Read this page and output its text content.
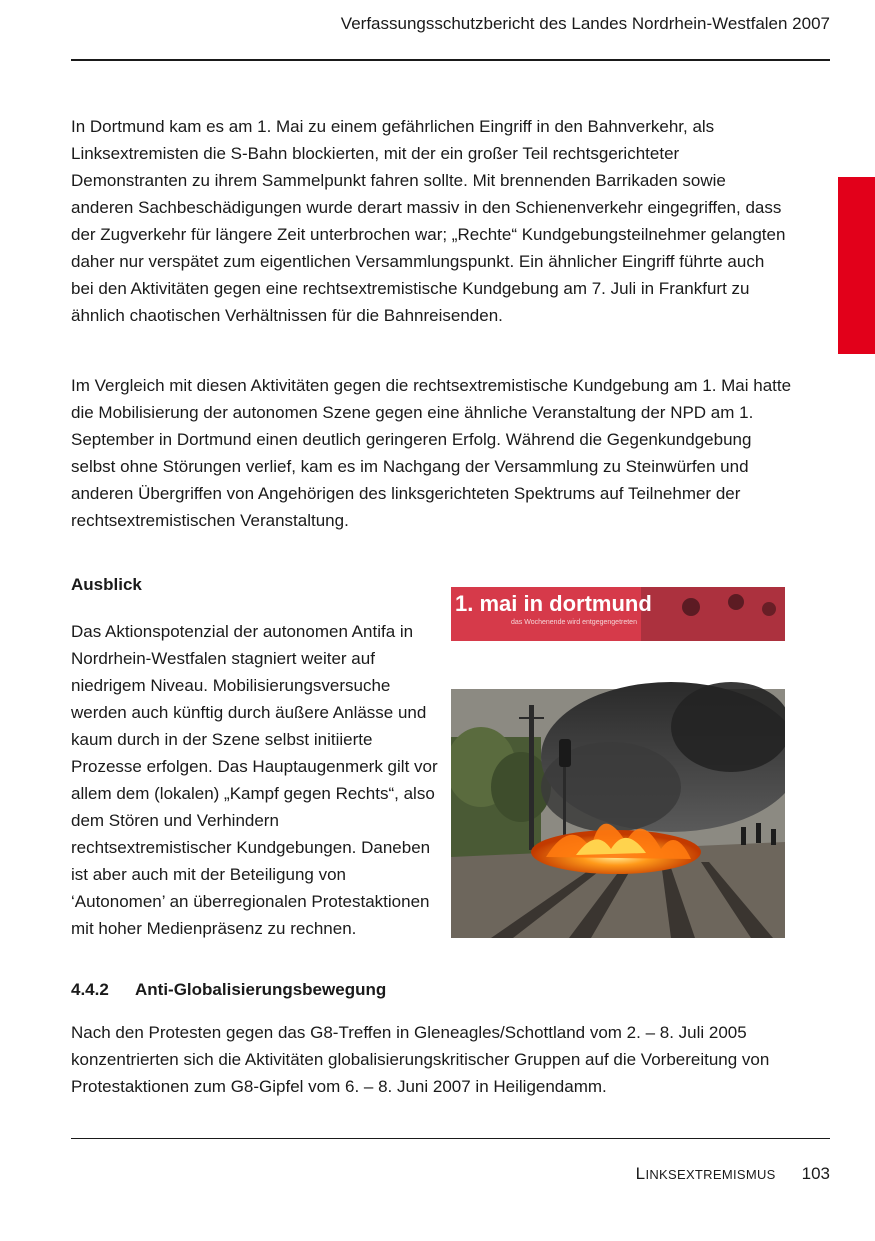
Verfassungsschutzbericht des Landes Nordrhein-Westfalen 2007

In Dortmund kam es am 1. Mai zu einem gefährlichen Eingriff in den Bahnverkehr, als Linksextremisten die S-Bahn blockierten, mit der ein großer Teil rechtsgerichteter Demonstranten zu ihrem Sammelpunkt fahren sollte. Mit brennenden Barrikaden sowie anderen Sachbeschädigungen wurde derart massiv in den Schienenverkehr eingegriffen, dass der Zugverkehr für längere Zeit unterbrochen war; „Rechte“ Kundgebungsteilnehmer gelangten daher nur verspätet zum eigentlichen Versammlungspunkt. Ein ähnlicher Eingriff führte auch bei den Aktivitäten gegen eine rechtsextremistische Kundgebung am 7. Juli in Frankfurt zu ähnlich chaotischen Verhältnissen für die Bahnreisenden.

Im Vergleich mit diesen Aktivitäten gegen die rechtsextremistische Kundgebung am 1. Mai hatte die Mobilisierung der autonomen Szene gegen eine ähnliche Veranstaltung der NPD am 1. September in Dortmund einen deutlich geringeren Erfolg. Während die Gegenkundgebung selbst ohne Störungen verlief, kam es im Nachgang der Versammlung zu Steinwürfen und anderen Übergriffen von Angehörigen des linksgerichteten Spektrums auf Teilnehmer der rechtsextremistischen Veranstaltung.

Ausblick

Das Aktionspotenzial der autonomen Antifa in Nordrhein-Westfalen stagniert weiter auf niedrigem Niveau. Mobilisierungsversuche werden auch künftig durch äußere Anlässe und kaum durch in der Szene selbst initiierte Prozesse erfolgen. Das Hauptaugenmerk gilt vor allem dem (lokalen) „Kampf gegen Rechts“, also dem Stören und Verhindern rechtsextremistischer Kundgebungen. Daneben ist aber auch mit der Beteiligung von ‘Autonomen’ an überregionalen Protestaktionen mit hoher Medienpräsenz zu rechnen.

1. mai in dortmund
das Wochenende wird entgegengetreten
4.4.2 Anti-Globalisierungsbewegung

Nach den Protesten gegen das G8-Treffen in Gleneagles/Schottland vom 2. – 8. Juli 2005 konzentrierten sich die Aktivitäten globalisierungskritischer Gruppen auf die Vorbereitung von Protestaktionen zum G8-Gipfel vom 6. – 8. Juni 2007 in Heiligendamm.

LINKSEXTREMISMUS 103
